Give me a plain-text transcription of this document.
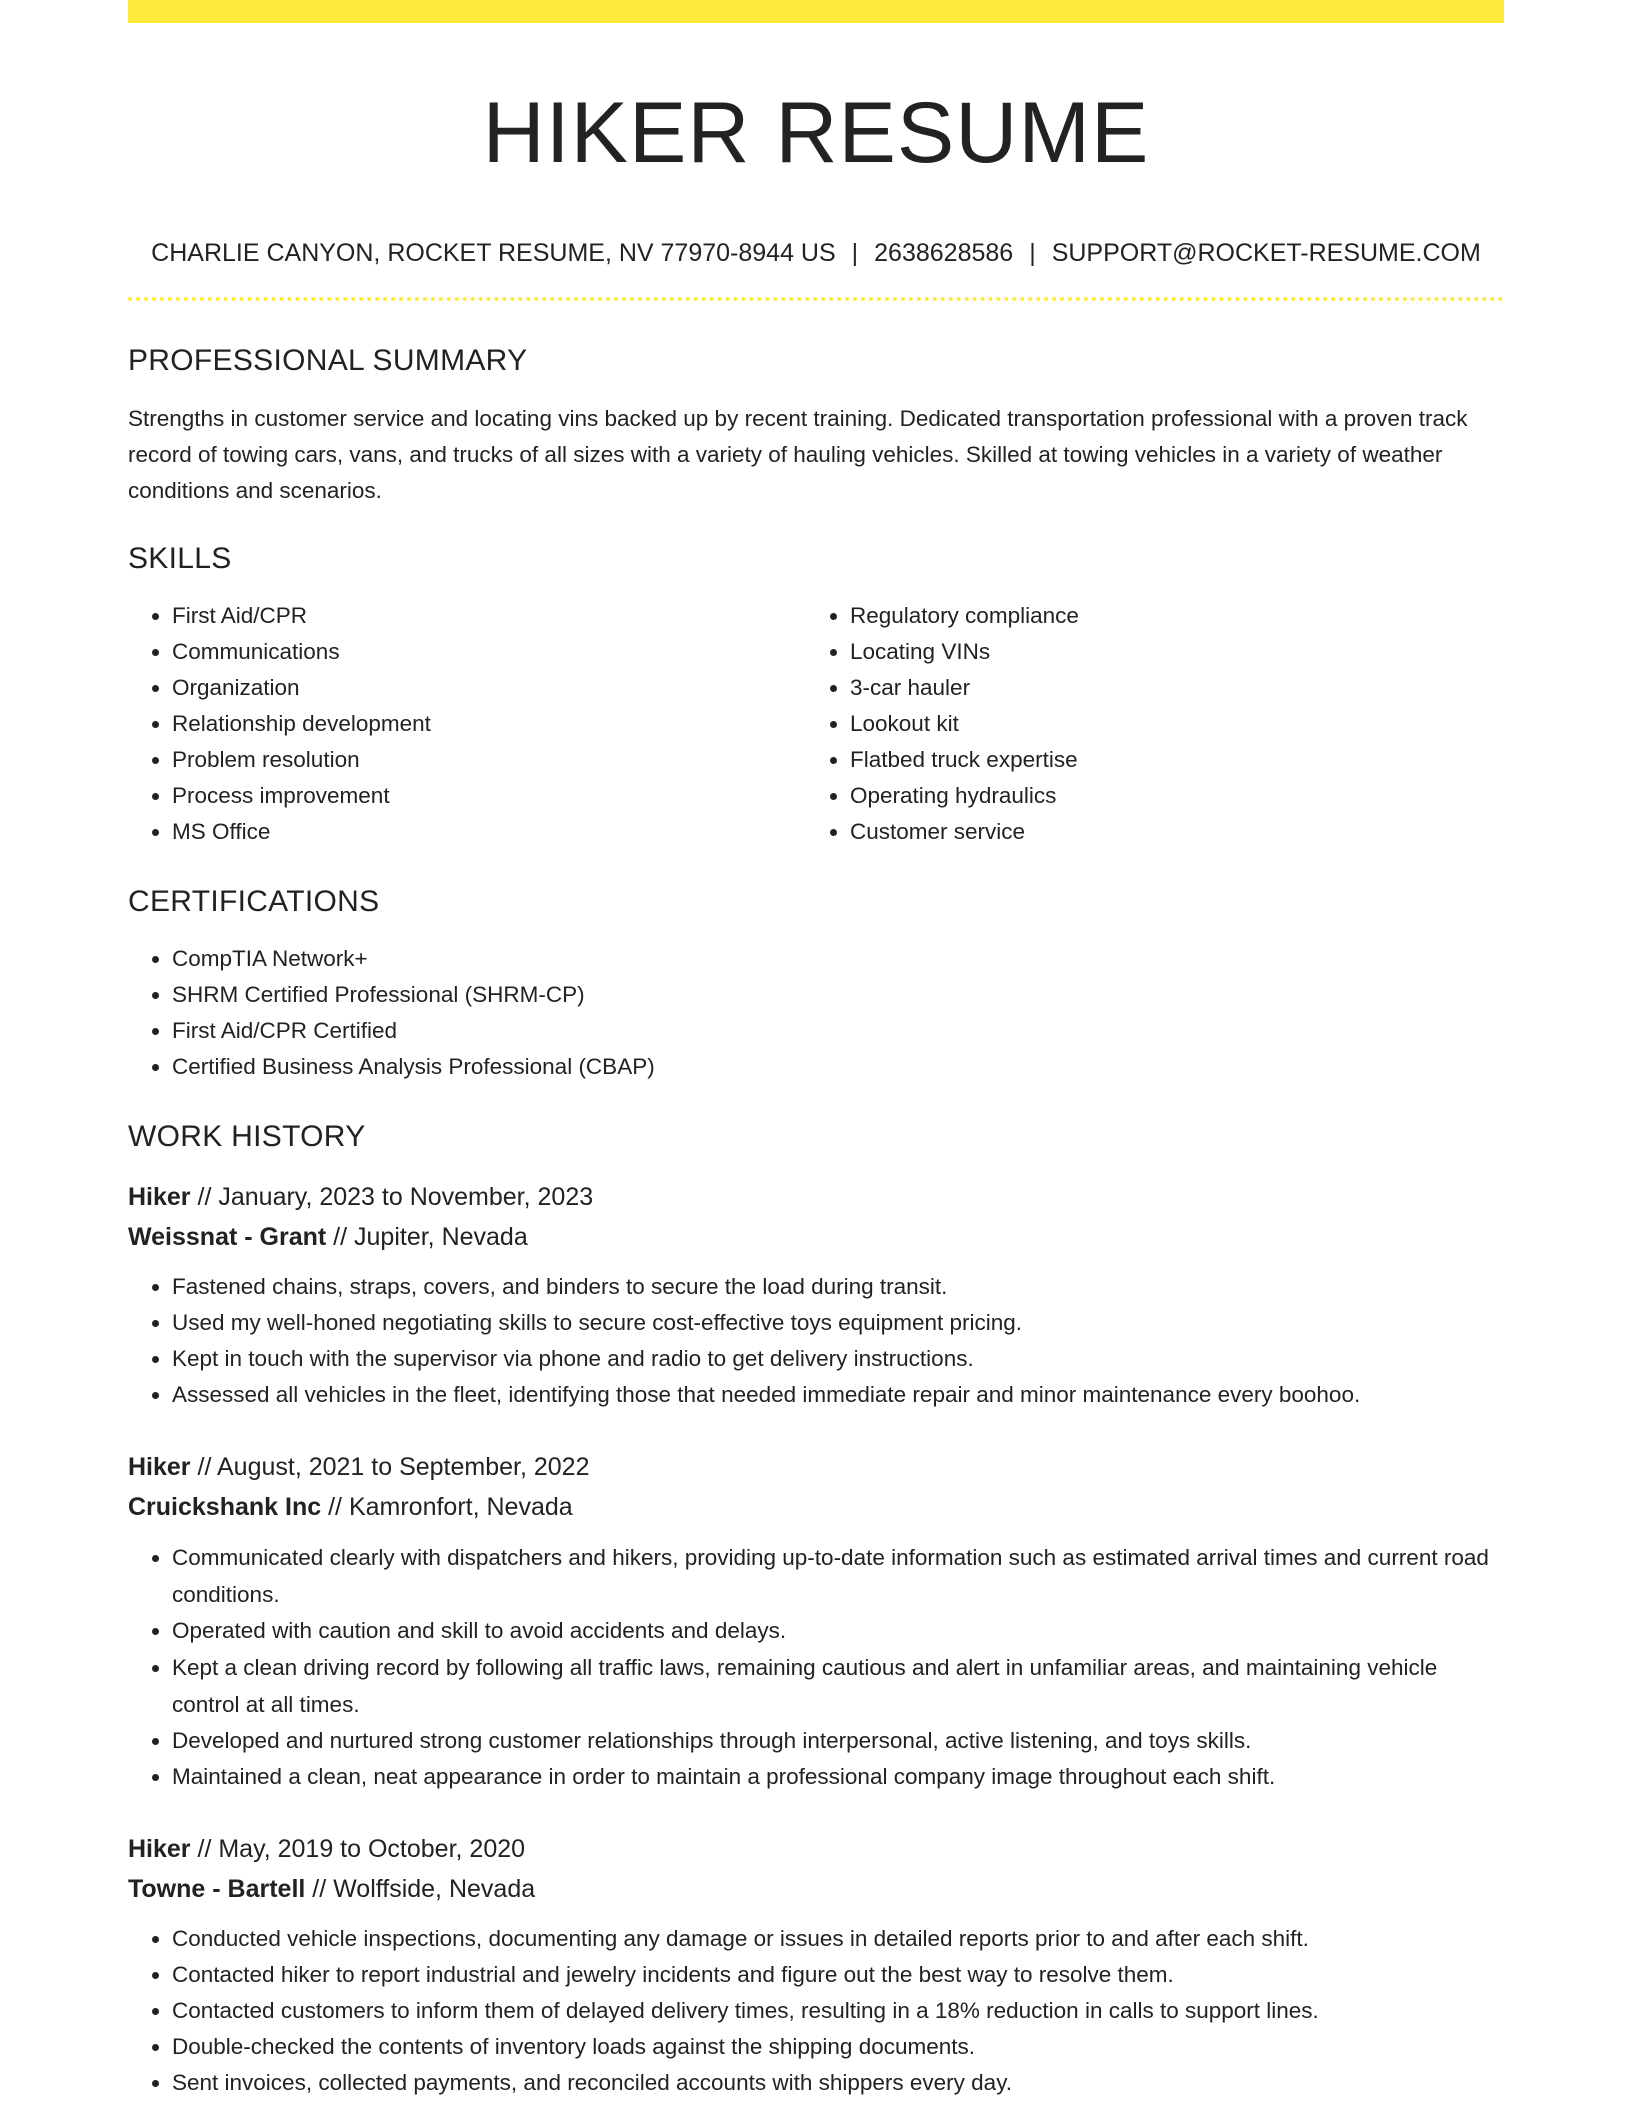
HIKER RESUME
CHARLIE CANYON, ROCKET RESUME, NV 77970-8944 US | 2638628586 | SUPPORT@ROCKET-RESUME.COM
PROFESSIONAL SUMMARY
Strengths in customer service and locating vins backed up by recent training. Dedicated transportation professional with a proven track record of towing cars, vans, and trucks of all sizes with a variety of hauling vehicles. Skilled at towing vehicles in a variety of weather conditions and scenarios.
SKILLS
• First Aid/CPR
• Communications
• Organization
• Relationship development
• Problem resolution
• Process improvement
• MS Office
• Regulatory compliance
• Locating VINs
• 3-car hauler
• Lookout kit
• Flatbed truck expertise
• Operating hydraulics
• Customer service
CERTIFICATIONS
• CompTIA Network+
• SHRM Certified Professional (SHRM-CP)
• First Aid/CPR Certified
• Certified Business Analysis Professional (CBAP)
WORK HISTORY
Hiker // January, 2023 to November, 2023
Weissnat - Grant // Jupiter, Nevada
• Fastened chains, straps, covers, and binders to secure the load during transit.
• Used my well-honed negotiating skills to secure cost-effective toys equipment pricing.
• Kept in touch with the supervisor via phone and radio to get delivery instructions.
• Assessed all vehicles in the fleet, identifying those that needed immediate repair and minor maintenance every boohoo.
Hiker // August, 2021 to September, 2022
Cruickshank Inc // Kamronfort, Nevada
• Communicated clearly with dispatchers and hikers, providing up-to-date information such as estimated arrival times and current road conditions.
• Operated with caution and skill to avoid accidents and delays.
• Kept a clean driving record by following all traffic laws, remaining cautious and alert in unfamiliar areas, and maintaining vehicle control at all times.
• Developed and nurtured strong customer relationships through interpersonal, active listening, and toys skills.
• Maintained a clean, neat appearance in order to maintain a professional company image throughout each shift.
Hiker // May, 2019 to October, 2020
Towne - Bartell // Wolffside, Nevada
• Conducted vehicle inspections, documenting any damage or issues in detailed reports prior to and after each shift.
• Contacted hiker to report industrial and jewelry incidents and figure out the best way to resolve them.
• Contacted customers to inform them of delayed delivery times, resulting in a 18% reduction in calls to support lines.
• Double-checked the contents of inventory loads against the shipping documents.
• Sent invoices, collected payments, and reconciled accounts with shippers every day.
